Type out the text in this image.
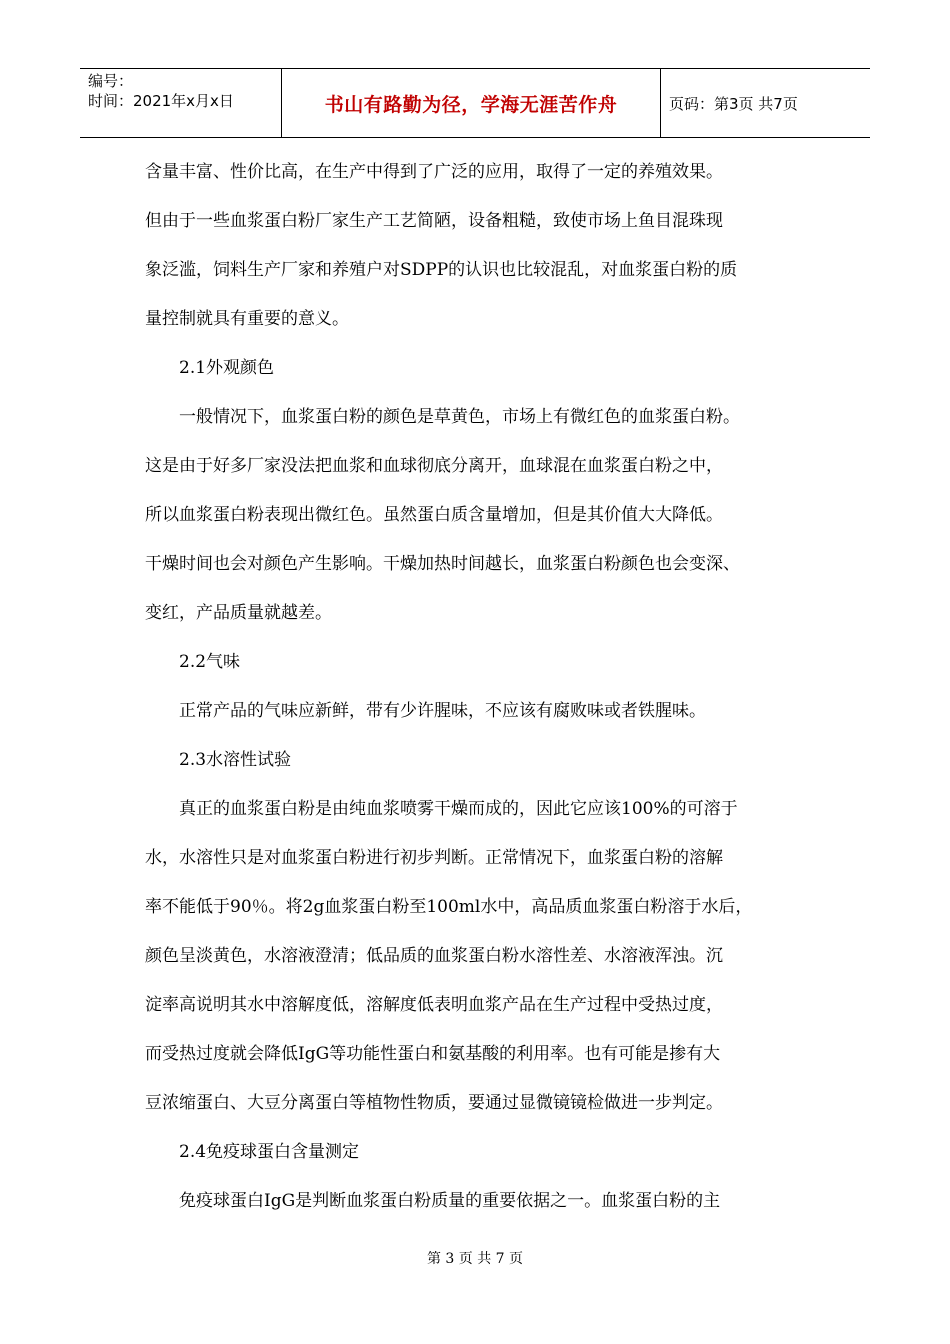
编号：
时间：2021年x月x日	书山有路勤为径，学海无涯苦作舟	页码：第3页 共7页
含量丰富、性价比高，在生产中得到了广泛的应用，取得了一定的养殖效果。
但由于一些血浆蛋白粉厂家生产工艺简陋，设备粗糙，致使市场上鱼目混珠现
象泛滥，饲料生产厂家和养殖户对SDPP的认识也比较混乱，对血浆蛋白粉的质
量控制就具有重要的意义。
2.1外观颜色
一般情况下，血浆蛋白粉的颜色是草黄色，市场上有微红色的血浆蛋白粉。
这是由于好多厂家没法把血浆和血球彻底分离开，血球混在血浆蛋白粉之中，
所以血浆蛋白粉表现出微红色。虽然蛋白质含量增加，但是其价值大大降低。
干燥时间也会对颜色产生影响。干燥加热时间越长，血浆蛋白粉颜色也会变深、
变红，产品质量就越差。
2.2气味
正常产品的气味应新鲜，带有少许腥味，不应该有腐败味或者铁腥味。
2.3水溶性试验
真正的血浆蛋白粉是由纯血浆喷雾干燥而成的，因此它应该100%的可溶于
水，水溶性只是对血浆蛋白粉进行初步判断。正常情况下，血浆蛋白粉的溶解
率不能低于90％。将2g血浆蛋白粉至100ml水中，高品质血浆蛋白粉溶于水后，
颜色呈淡黄色，水溶液澄清；低品质的血浆蛋白粉水溶性差、水溶液浑浊。沉
淀率高说明其水中溶解度低，溶解度低表明血浆产品在生产过程中受热过度，
而受热过度就会降低IgG等功能性蛋白和氨基酸的利用率。也有可能是掺有大
豆浓缩蛋白、大豆分离蛋白等植物性物质，要通过显微镜镜检做进一步判定。
2.4免疫球蛋白含量测定
免疫球蛋白IgG是判断血浆蛋白粉质量的重要依据之一。血浆蛋白粉的主
第 3 页 共 7 页
